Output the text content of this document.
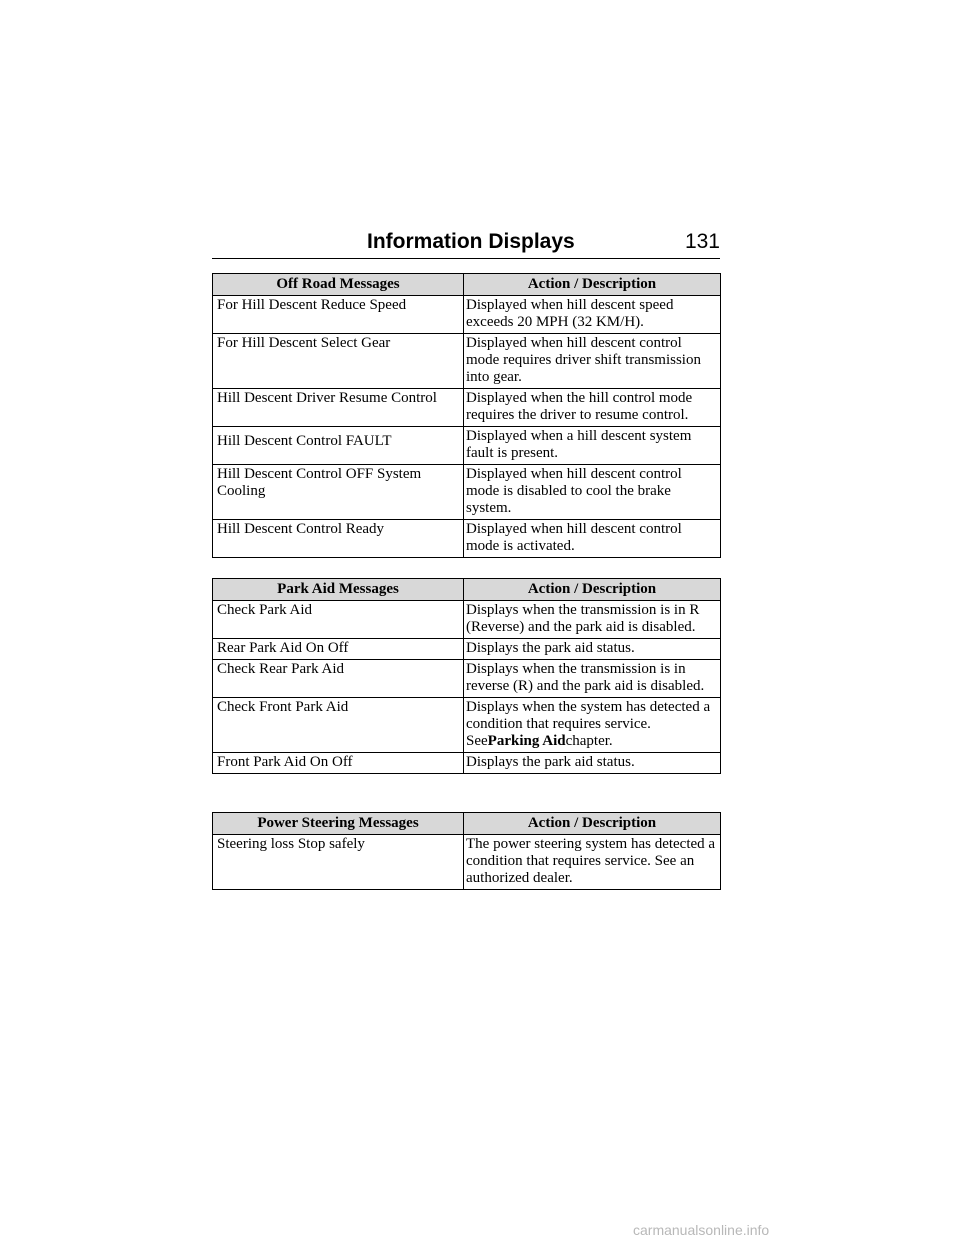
Information Displays	131
Off Road Messages	Action / Description
For Hill Descent Reduce Speed	Displayed when hill descent speed exceeds 20 MPH (32 KM/H).
For Hill Descent Select Gear	Displayed when hill descent control mode requires driver shift transmission into gear.
Hill Descent Driver Resume Control	Displayed when the hill control mode requires the driver to resume control.
Hill Descent Control FAULT	Displayed when a hill descent system fault is present.
Hill Descent Control OFF System Cooling	Displayed when hill descent control mode is disabled to cool the brake system.
Hill Descent Control Ready	Displayed when hill descent control mode is activated.
Park Aid Messages	Action / Description
Check Park Aid	Displays when the transmission is in R (Reverse) and the park aid is disabled.
Rear Park Aid On Off	Displays the park aid status.
Check Rear Park Aid	Displays when the transmission is in reverse (R) and the park aid is disabled.
Check Front Park Aid	Displays when the system has detected a condition that requires service. SeeParking Aidchapter.
Front Park Aid On Off	Displays the park aid status.
Power Steering Messages	Action / Description
Steering loss Stop safely	The power steering system has detected a condition that requires service. See an authorized dealer.
carmanualsonline.info
